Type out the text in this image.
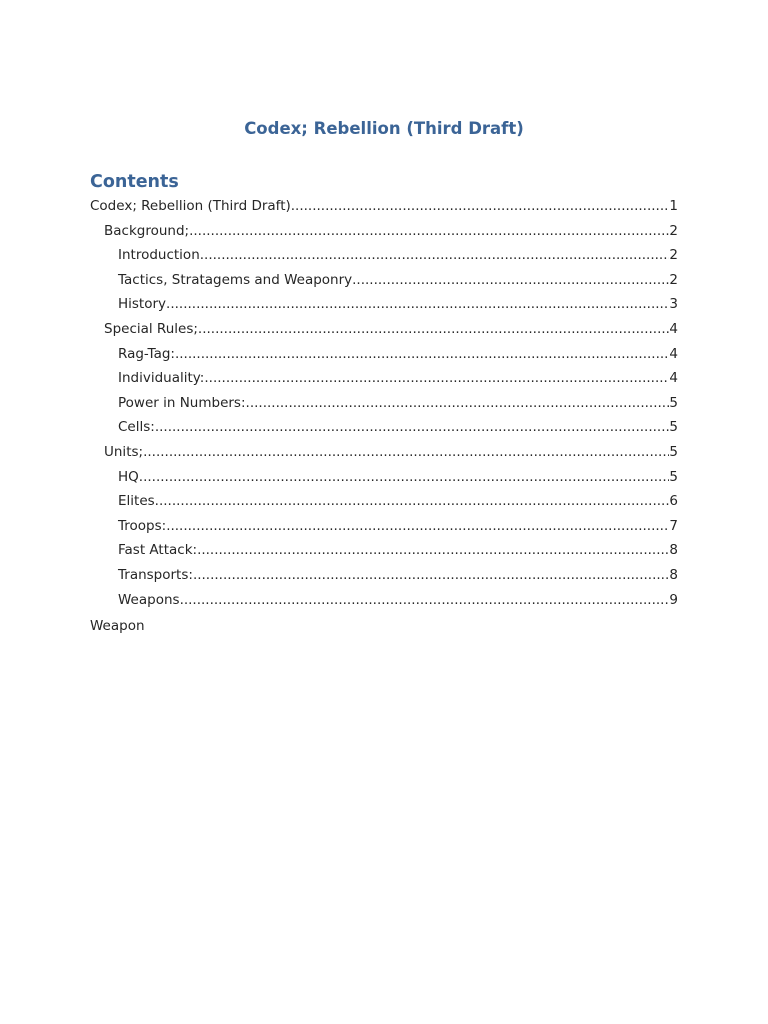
Codex; Rebellion (Third Draft)
Contents
Codex; Rebellion (Third Draft) .....	1
Background; .....	2
Introduction .....	2
Tactics, Stratagems and Weaponry .....	2
History .....	3
Special Rules; .....	4
Rag-Tag: .....	4
Individuality: .....	4
Power in Numbers: .....	5
Cells: .....	5
Units; .....	5
HQ .....	5
Elites .....	6
Troops: .....	7
Fast Attack: .....	8
Transports: .....	8
Weapons .....	9

Weapon
